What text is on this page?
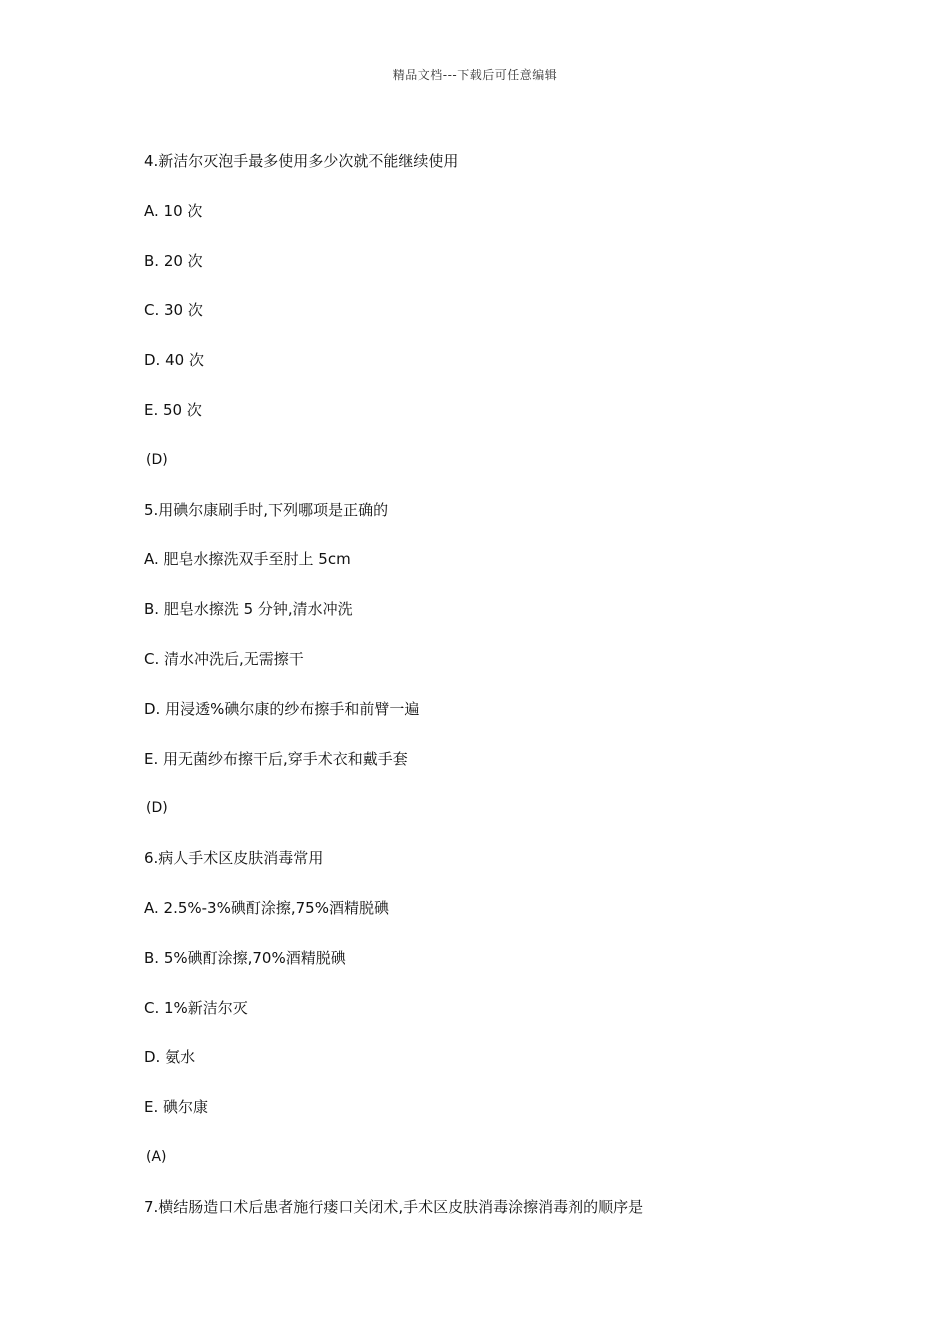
精品文档---下载后可任意编辑
4.新洁尔灭泡手最多使用多少次就不能继续使用
A. 10 次
B. 20 次
C. 30 次
D. 40 次
E. 50 次
(D)
5.用碘尔康刷手时,下列哪项是正确的
A. 肥皂水擦洗双手至肘上 5cm
B. 肥皂水擦洗 5 分钟,清水冲洗
C. 清水冲洗后,无需擦干
D. 用浸透%碘尔康的纱布擦手和前臂一遍
E. 用无菌纱布擦干后,穿手术衣和戴手套
(D)
6.病人手术区皮肤消毒常用
A. 2.5%-3%碘酊涂擦,75%酒精脱碘
B. 5%碘酊涂擦,70%酒精脱碘
C. 1%新洁尔灭
D. 氨水
E. 碘尔康
(A)
7.横结肠造口术后患者施行瘘口关闭术,手术区皮肤消毒涂擦消毒剂的顺序是
